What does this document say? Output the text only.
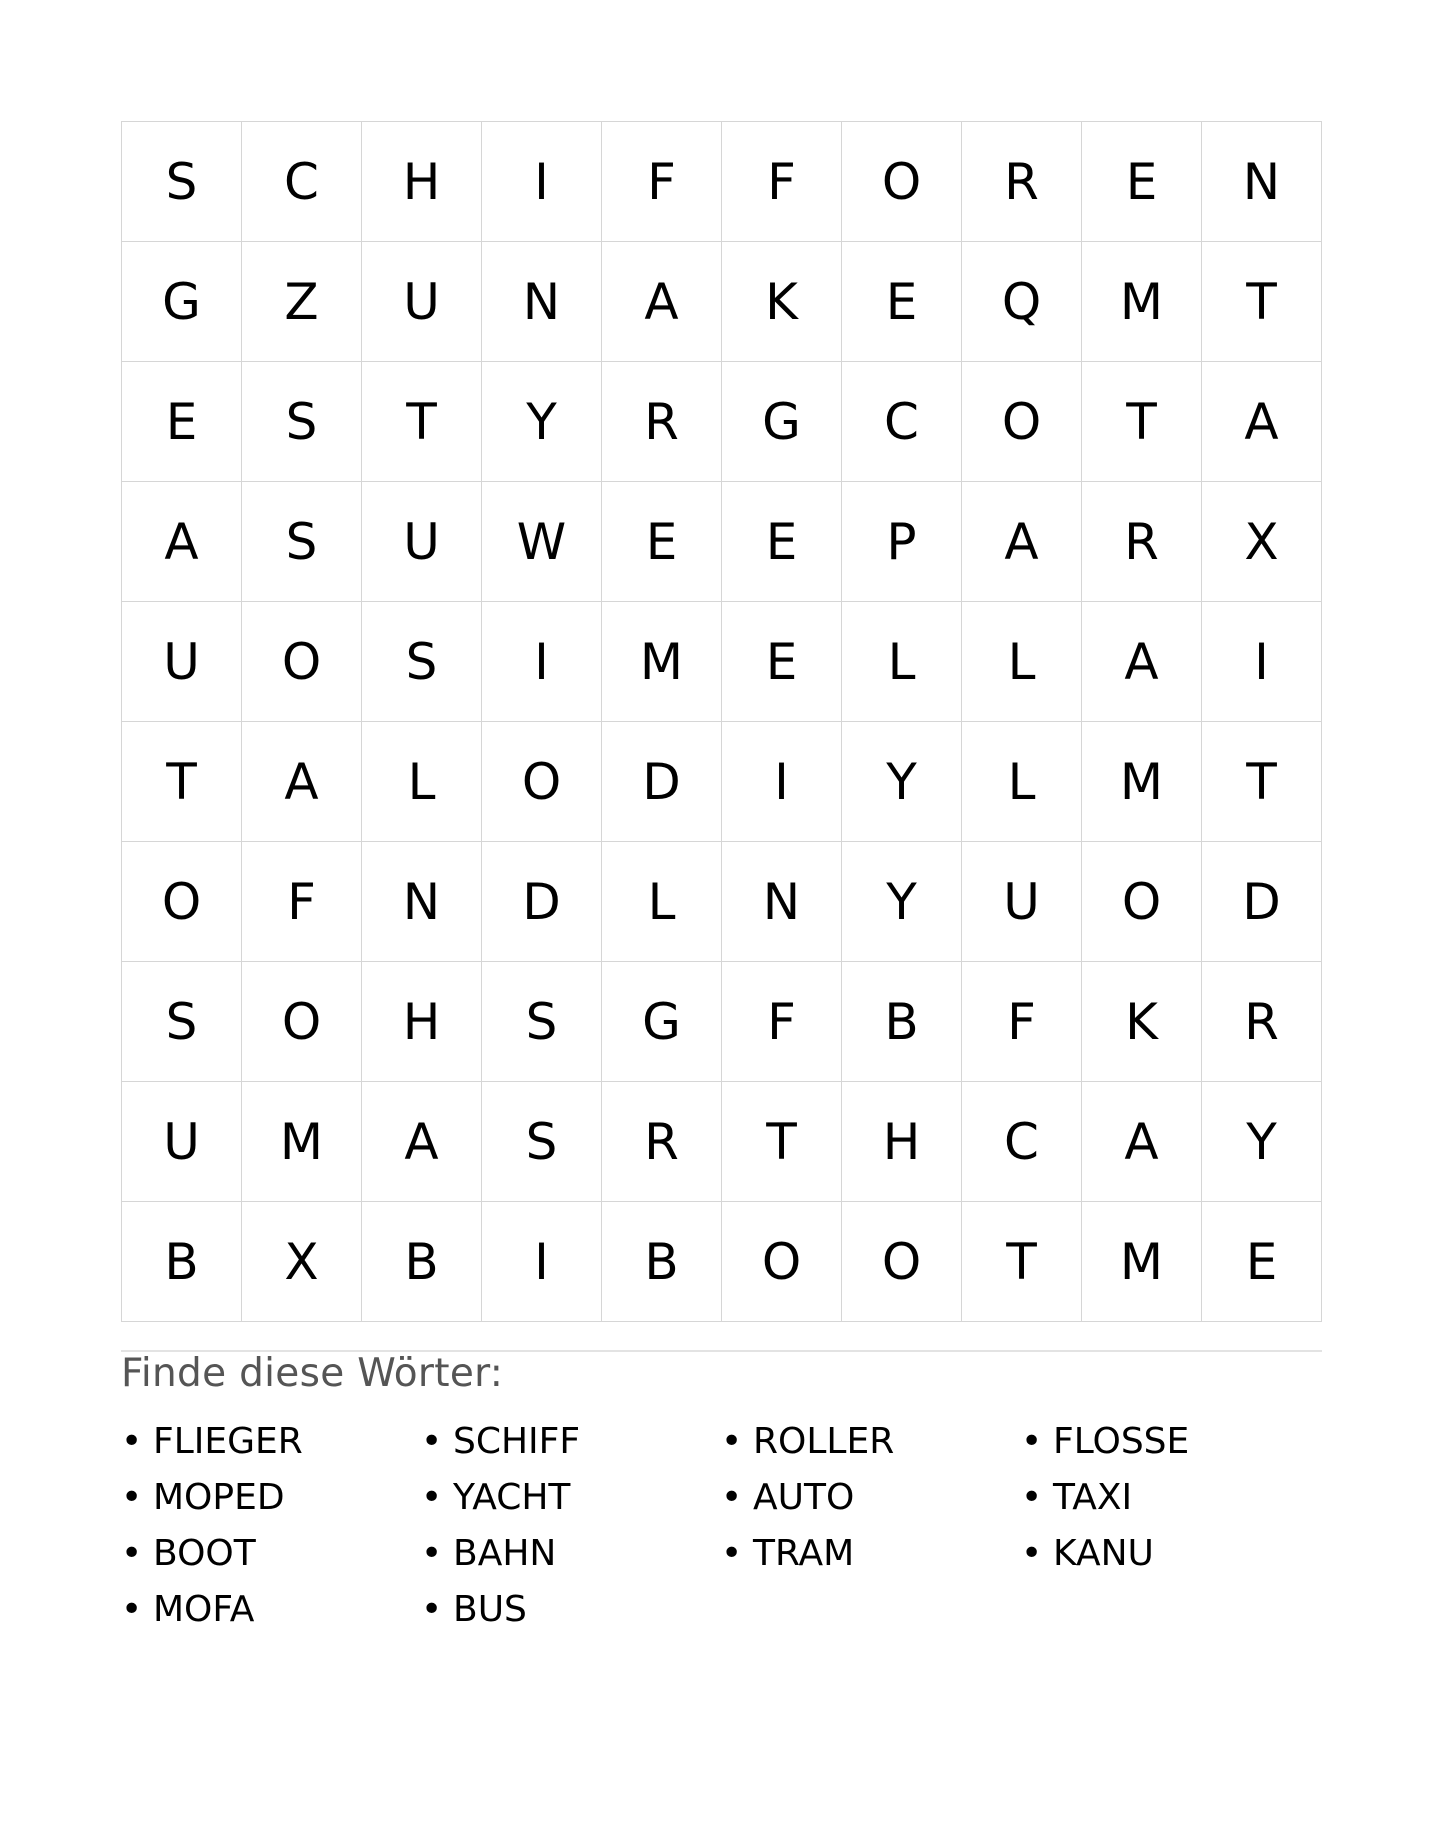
S	C	H	I	F	F	O	R	E	N
G	Z	U	N	A	K	E	Q	M	T
E	S	T	Y	R	G	C	O	T	A
A	S	U	W	E	E	P	A	R	X
U	O	S	I	M	E	L	L	A	I
T	A	L	O	D	I	Y	L	M	T
O	F	N	D	L	N	Y	U	O	D
S	O	H	S	G	F	B	F	K	R
U	M	A	S	R	T	H	C	A	Y
B	X	B	I	B	O	O	T	M	E
Finde diese Wörter:
• FLIEGER	• SCHIFF	• ROLLER	• FLOSSE
• MOPED	• YACHT	• AUTO	• TAXI
• BOOT	• BAHN	• TRAM	• KANU
• MOFA	• BUS
